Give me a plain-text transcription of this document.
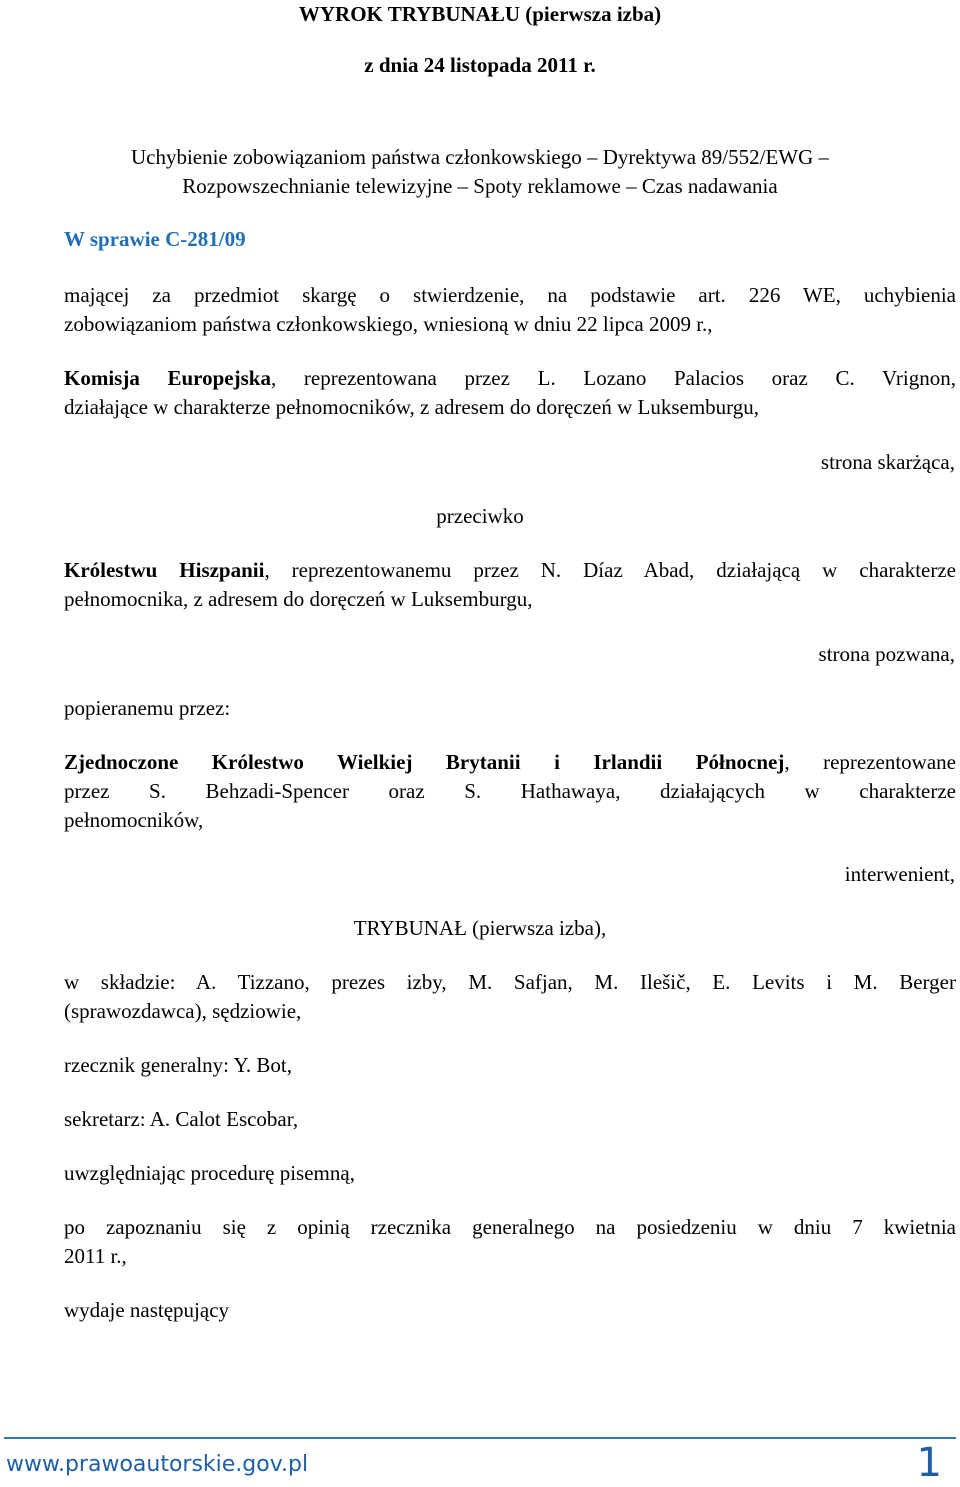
WYROK TRYBUNAŁU (pierwsza izba)
z dnia 24 listopada 2011 r.
Uchybienie zobowiązaniom państwa członkowskiego – Dyrektywa 89/552/EWG –
Rozpowszechnianie telewizyjne – Spoty reklamowe – Czas nadawania
W sprawie C-281/09
mającej za przedmiot skargę o stwierdzenie, na podstawie art. 226 WE, uchybienia
zobowiązaniom państwa członkowskiego, wniesioną w dniu 22 lipca 2009 r.,
Komisja Europejska, reprezentowana przez L. Lozano Palacios oraz C. Vrignon,
działające w charakterze pełnomocników, z adresem do doręczeń w Luksemburgu,
strona skarżąca,
przeciwko
Królestwu Hiszpanii, reprezentowanemu przez N. Díaz Abad, działającą w charakterze
pełnomocnika, z adresem do doręczeń w Luksemburgu,
strona pozwana,
popieranemu przez:
Zjednoczone Królestwo Wielkiej Brytanii i Irlandii Północnej, reprezentowane
przez S. Behzadi-Spencer oraz S. Hathawaya, działających w charakterze
pełnomocników,
interwenient,
TRYBUNAŁ (pierwsza izba),
w składzie: A. Tizzano, prezes izby, M. Safjan, M. Ilešič, E. Levits i M. Berger
(sprawozdawca), sędziowie,
rzecznik generalny: Y. Bot,
sekretarz: A. Calot Escobar,
uwzględniając procedurę pisemną,
po zapoznaniu się z opinią rzecznika generalnego na posiedzeniu w dniu 7 kwietnia
2011 r.,
wydaje następujący
www.prawoautorskie.gov.pl	1
